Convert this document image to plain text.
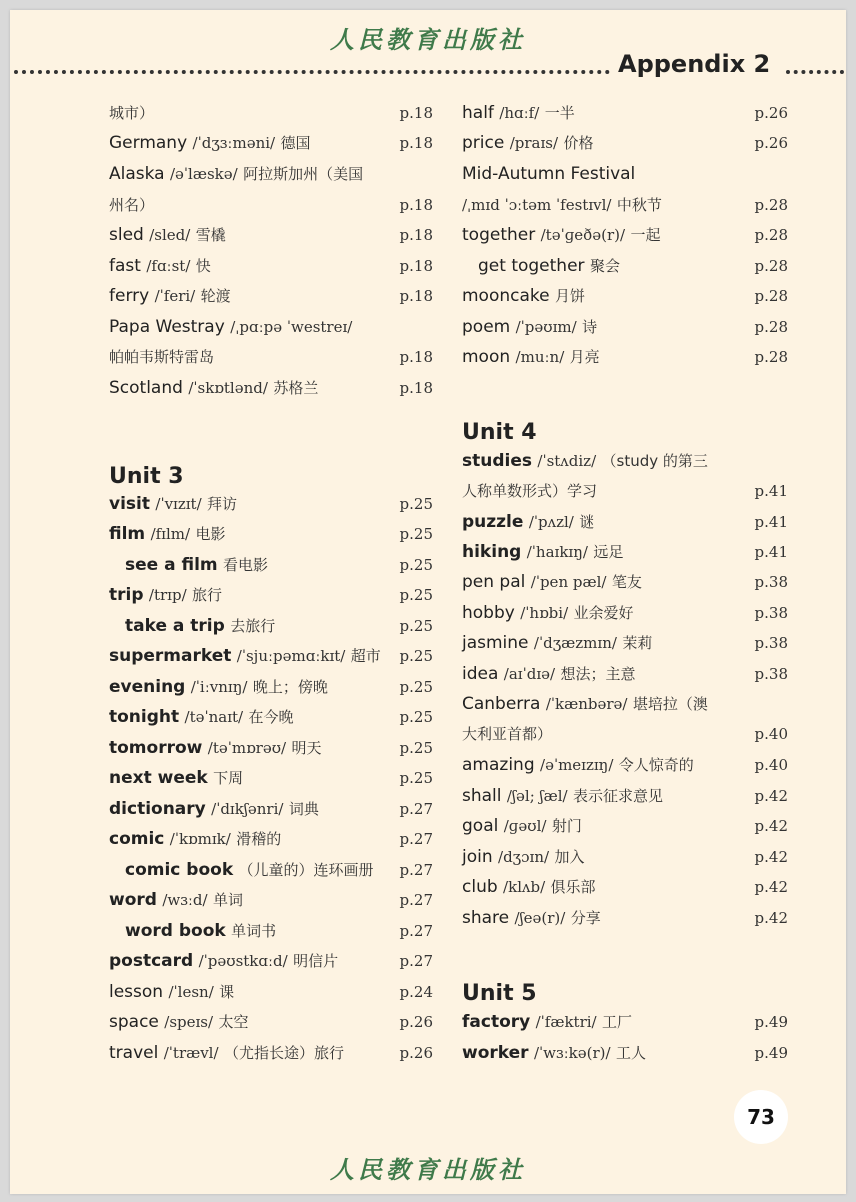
人民教育出版社
Appendix 2
城市）	p.18
Germany /ˈdʒɜːməni/ 德国	p.18
Alaska /əˈlæskə/ 阿拉斯加州（美国
州名）	p.18
sled /sled/ 雪橇	p.18
fast /fɑːst/ 快	p.18
ferry /ˈferi/ 轮渡	p.18
Papa Westray /ˌpɑːpə ˈwestreɪ/
帕帕韦斯特雷岛	p.18
Scotland /ˈskɒtlənd/ 苏格兰	p.18
Unit 3
visit /ˈvɪzɪt/ 拜访	p.25
film /fɪlm/ 电影	p.25
see a film 看电影	p.25
trip /trɪp/ 旅行	p.25
take a trip 去旅行	p.25
supermarket /ˈsjuːpəmɑːkɪt/ 超市 p.25
evening /ˈiːvnɪŋ/ 晚上；傍晚	p.25
tonight /təˈnaɪt/ 在今晚	p.25
tomorrow /təˈmɒrəʊ/ 明天	p.25
next week 下周	p.25
dictionary /ˈdɪkʃənri/ 词典	p.27
comic /ˈkɒmɪk/ 滑稽的	p.27
comic book （儿童的）连环画册 p.27
word /wɜːd/ 单词	p.27
word book 单词书	p.27
postcard /ˈpəʊstkɑːd/ 明信片	p.27
lesson /ˈlesn/ 课	p.24
space /speɪs/ 太空	p.26
travel /ˈtrævl/ （尤指长途）旅行	p.26
half /hɑːf/ 一半	p.26
price /praɪs/ 价格	p.26
Mid-Autumn Festival
/ˌmɪd ˈɔːtəm ˈfestɪvl/ 中秋节	p.28
together /təˈɡeðə(r)/ 一起	p.28
get together 聚会	p.28
mooncake 月饼	p.28
poem /ˈpəʊɪm/ 诗	p.28
moon /muːn/ 月亮	p.28
Unit 4
studies /ˈstʌdiz/ （study 的第三
人称单数形式）学习	p.41
puzzle /ˈpʌzl/ 谜	p.41
hiking /ˈhaɪkɪŋ/ 远足	p.41
pen pal /ˈpen pæl/ 笔友	p.38
hobby /ˈhɒbi/ 业余爱好	p.38
jasmine /ˈdʒæzmɪn/ 茉莉	p.38
idea /aɪˈdɪə/ 想法；主意	p.38
Canberra /ˈkænbərə/ 堪培拉（澳
大利亚首都）	p.40
amazing /əˈmeɪzɪŋ/ 令人惊奇的	p.40
shall /ʃəl; ʃæl/ 表示征求意见	p.42
goal /ɡəʊl/ 射门	p.42
join /dʒɔɪn/ 加入	p.42
club /klʌb/ 俱乐部	p.42
share /ʃeə(r)/ 分享	p.42
Unit 5
factory /ˈfæktri/ 工厂	p.49
worker /ˈwɜːkə(r)/ 工人	p.49
73
人民教育出版社
